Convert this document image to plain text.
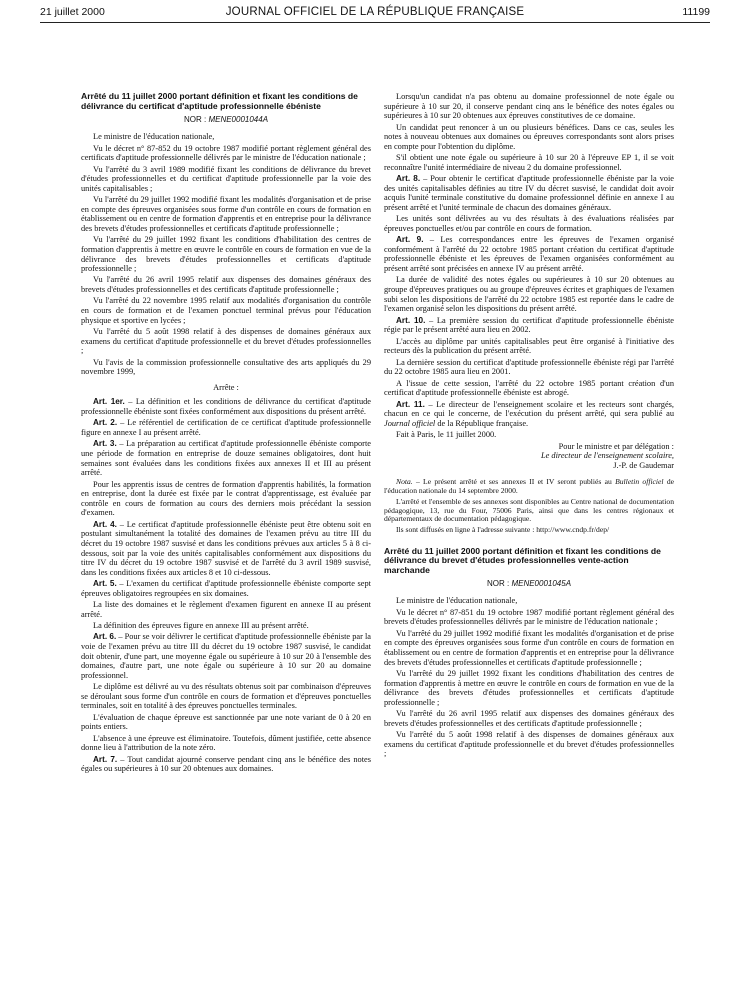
21 juillet 2000	JOURNAL OFFICIEL DE LA RÉPUBLIQUE FRANÇAISE	11199
Arrêté du 11 juillet 2000 portant définition et fixant les conditions de délivrance du certificat d'aptitude professionnelle ébéniste
NOR : MENE0001044A

Le ministre de l'éducation nationale,

Vu le décret n° 87-852 du 19 octobre 1987 modifié portant règlement général des certificats d'aptitude professionnelle délivrés par le ministre de l'éducation nationale ;

Vu l'arrêté du 3 avril 1989 modifié fixant les conditions de délivrance du brevet d'études professionnelles et du certificat d'aptitude professionnelle par la voie des unités capitalisables ;

Vu l'arrêté du 29 juillet 1992 modifié fixant les modalités d'organisation et de prise en compte des épreuves organisées sous forme d'un contrôle en cours de formation en établissement ou en centre de formation d'apprentis et en entreprise pour la délivrance des brevets d'études professionnelles et certificats d'aptitude professionnelle ;

Vu l'arrêté du 29 juillet 1992 fixant les conditions d'habilitation des centres de formation d'apprentis à mettre en œuvre le contrôle en cours de formation en vue de la délivrance des brevets d'études professionnelles et certificats d'aptitude professionnelle ;

Vu l'arrêté du 26 avril 1995 relatif aux dispenses des domaines généraux des brevets d'études professionnelles et des certificats d'aptitude professionnelle ;

Vu l'arrêté du 22 novembre 1995 relatif aux modalités d'organisation du contrôle en cours de formation et de l'examen ponctuel terminal prévus pour l'éducation physique et sportive en lycées ;

Vu l'arrêté du 5 août 1998 relatif à des dispenses de domaines généraux aux examens du certificat d'aptitude professionnelle et du brevet d'études professionnelles ;

Vu l'avis de la commission professionnelle consultative des arts appliqués du 29 novembre 1999,

Arrête :

Art. 1er. – La définition et les conditions de délivrance du certificat d'aptitude professionnelle ébéniste sont fixées conformément aux dispositions du présent arrêté.

Art. 2. – Le référentiel de certification de ce certificat d'aptitude professionnelle figure en annexe I au présent arrêté.

Art. 3. – La préparation au certificat d'aptitude professionnelle ébéniste comporte une période de formation en entreprise de douze semaines obligatoires, dont huit semaines sont évaluées dans les conditions fixées aux annexes II et III au présent arrêté.

Pour les apprentis issus de centres de formation d'apprentis habilités, la formation en entreprise, dont la durée est fixée par le contrat d'apprentissage, est évaluée par contrôle en cours de formation au cours des derniers mois précédant la session d'examen.

Art. 4. – Le certificat d'aptitude professionnelle ébéniste peut être obtenu soit en postulant simultanément la totalité des domaines de l'examen prévu au titre III du décret du 19 octobre 1987 susvisé et dans les conditions prévues aux articles 5 à 8 ci-dessous, soit par la voie des unités capitalisables conformément aux dispositions du titre IV du décret du 19 octobre 1987 susvisé et de l'arrêté du 3 avril 1989 susvisé, dans les conditions fixées aux articles 8 et 10 ci-dessous.

Art. 5. – L'examen du certificat d'aptitude professionnelle ébéniste comporte sept épreuves obligatoires regroupées en six domaines.

La liste des domaines et le règlement d'examen figurent en annexe II au présent arrêté.

La définition des épreuves figure en annexe III au présent arrêté.

Art. 6. – Pour se voir délivrer le certificat d'aptitude professionnelle ébéniste par la voie de l'examen prévu au titre III du décret du 19 octobre 1987 susvisé, le candidat doit obtenir, d'une part, une moyenne égale ou supérieure à 10 sur 20 à l'ensemble des domaines, d'autre part, une note égale ou supérieure à 10 sur 20 au domaine professionnel.

Le diplôme est délivré au vu des résultats obtenus soit par combinaison d'épreuves se déroulant sous forme d'un contrôle en cours de formation et d'épreuves ponctuelles terminales, soit en totalité à des épreuves ponctuelles terminales.

L'évaluation de chaque épreuve est sanctionnée par une note variant de 0 à 20 en points entiers.

L'absence à une épreuve est éliminatoire. Toutefois, dûment justifiée, cette absence donne lieu à l'attribution de la note zéro.

Art. 7. – Tout candidat ajourné conserve pendant cinq ans le bénéfice des notes égales ou supérieures à 10 sur 20 obtenues aux domaines.

Lorsqu'un candidat n'a pas obtenu au domaine professionnel de note égale ou supérieure à 10 sur 20, il conserve pendant cinq ans le bénéfice des notes égales ou supérieures à 10 sur 20 obtenues aux épreuves constitutives de ce domaine.

Un candidat peut renoncer à un ou plusieurs bénéfices. Dans ce cas, seules les notes à nouveau obtenues aux domaines ou épreuves correspondants sont alors prises en compte pour l'obtention du diplôme.

S'il obtient une note égale ou supérieure à 10 sur 20 à l'épreuve EP 1, il se voit reconnaître l'unité intermédiaire de niveau 2 du domaine professionnel.

Art. 8. – Pour obtenir le certificat d'aptitude professionnelle ébéniste par la voie des unités capitalisables définies au titre IV du décret susvisé, le candidat doit avoir acquis l'unité terminale constitutive du domaine professionnel définie en annexe I au présent arrêté et l'unité terminale de chacun des domaines généraux.

Les unités sont délivrées au vu des résultats à des évaluations réalisées par épreuves ponctuelles et/ou par contrôle en cours de formation.

Art. 9. – Les correspondances entre les épreuves de l'examen organisé conformément à l'arrêté du 22 octobre 1985 portant création du certificat d'aptitude professionnelle ébéniste et les épreuves de l'examen organisées conformément au présent arrêté sont précisées en annexe IV au présent arrêté.

La durée de validité des notes égales ou supérieures à 10 sur 20 obtenues au groupe d'épreuves pratiques ou au groupe d'épreuves écrites et graphiques de l'examen subi selon les dispositions de l'arrêté du 22 octobre 1985 est reportée dans le cadre de l'examen organisé selon les dispositions du présent arrêté.

Art. 10. – La première session du certificat d'aptitude professionnelle ébéniste régie par le présent arrêté aura lieu en 2002.

L'accès au diplôme par unités capitalisables peut être organisé à l'initiative des recteurs dès la publication du présent arrêté.

La dernière session du certificat d'aptitude professionnelle ébéniste régi par l'arrêté du 22 octobre 1985 aura lieu en 2001.

A l'issue de cette session, l'arrêté du 22 octobre 1985 portant création d'un certificat d'aptitude professionnelle ébéniste est abrogé.

Art. 11. – Le directeur de l'enseignement scolaire et les recteurs sont chargés, chacun en ce qui le concerne, de l'exécution du présent arrêté, qui sera publié au Journal officiel de la République française.

Fait à Paris, le 11 juillet 2000.

Pour le ministre et par délégation :

Le directeur de l'enseignement scolaire,

J.-P. de Gaudemar

Nota. – Le présent arrêté et ses annexes II et IV seront publiés au Bulletin officiel de l'éducation nationale du 14 septembre 2000.

L'arrêté et l'ensemble de ses annexes sont disponibles au Centre national de documentation pédagogique, 13, rue du Four, 75006 Paris, ainsi que dans les centres régionaux et départementaux de documentation pédagogique.

Ils sont diffusés en ligne à l'adresse suivante : http://www.cndp.fr/dep/

Arrêté du 11 juillet 2000 portant définition et fixant les conditions de délivrance du brevet d'études professionnelles vente-action marchande
NOR : MENE0001045A

Le ministre de l'éducation nationale,

Vu le décret n° 87-851 du 19 octobre 1987 modifié portant règlement général des brevets d'études professionnelles délivrés par le ministre de l'éducation nationale ;

Vu l'arrêté du 29 juillet 1992 modifié fixant les modalités d'organisation et de prise en compte des épreuves organisées sous forme d'un contrôle en cours de formation en établissement ou en centre de formation d'apprentis et en entreprise pour la délivrance des brevets d'études professionnelles et certificats d'aptitude professionnelle ;

Vu l'arrêté du 29 juillet 1992 fixant les conditions d'habilitation des centres de formation d'apprentis à mettre en œuvre le contrôle en cours de formation en vue de la délivrance des brevets d'études professionnelles et certificats d'aptitude professionnelle ;

Vu l'arrêté du 26 avril 1995 relatif aux dispenses des domaines généraux des brevets d'études professionnelles et des certificats d'aptitude professionnelle ;

Vu l'arrêté du 5 août 1998 relatif à des dispenses de domaines généraux aux examens du certificat d'aptitude professionnelle et du brevet d'études professionnelles ;
